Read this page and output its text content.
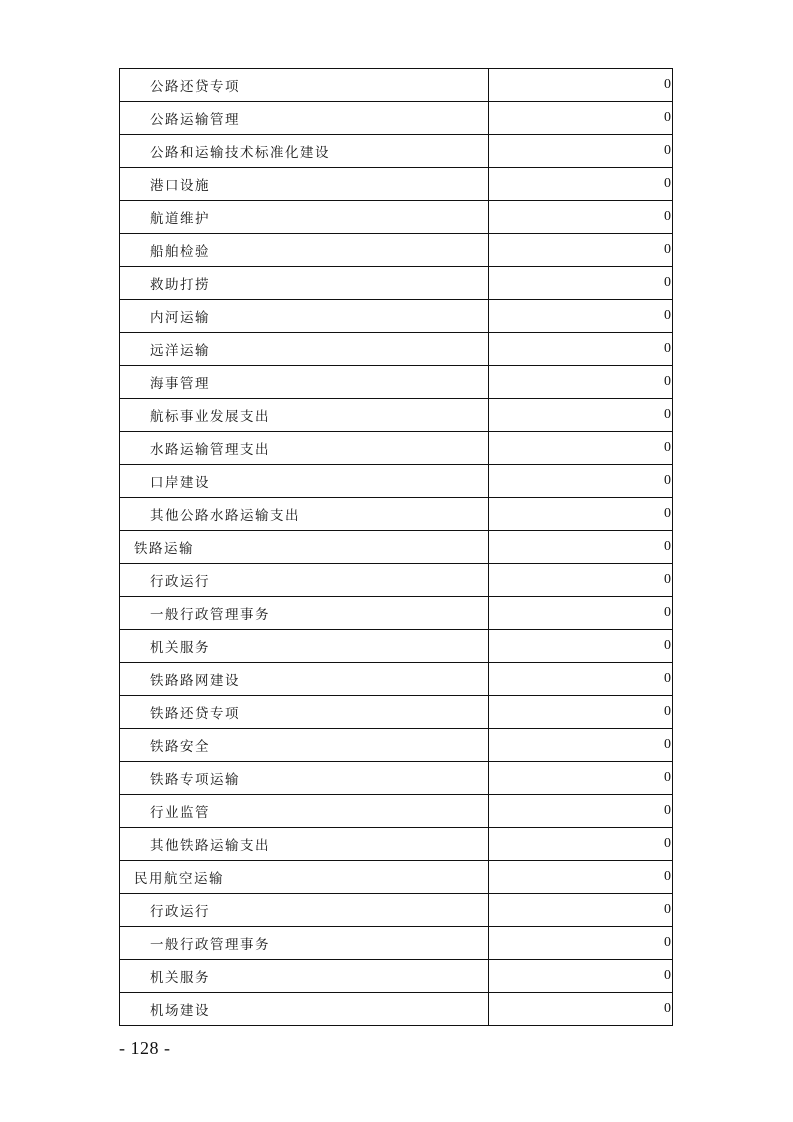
公路还贷专项	0
公路运输管理	0
公路和运输技术标准化建设	0
港口设施	0
航道维护	0
船舶检验	0
救助打捞	0
内河运输	0
远洋运输	0
海事管理	0
航标事业发展支出	0
水路运输管理支出	0
口岸建设	0
其他公路水路运输支出	0
铁路运输	0
行政运行	0
一般行政管理事务	0
机关服务	0
铁路路网建设	0
铁路还贷专项	0
铁路安全	0
铁路专项运输	0
行业监管	0
其他铁路运输支出	0
民用航空运输	0
行政运行	0
一般行政管理事务	0
机关服务	0
机场建设	0
- 128 -
